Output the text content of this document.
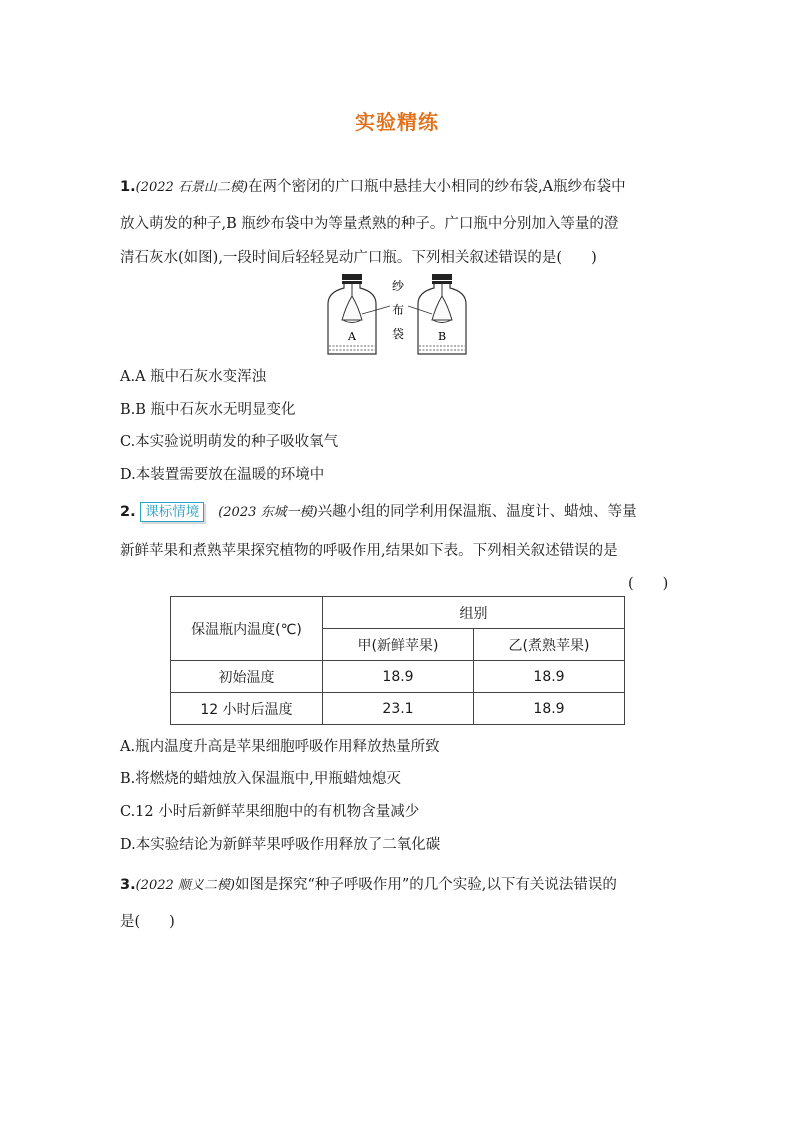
实验精练
1.(2022 石景山二模)在两个密闭的广口瓶中悬挂大小相同的纱布袋,A瓶纱布袋中
放入萌发的种子,B 瓶纱布袋中为等量煮熟的种子。广口瓶中分别加入等量的澄
清石灰水(如图),一段时间后轻轻晃动广口瓶。下列相关叙述错误的是(　　)
A	B
纱
布
袋
A.A 瓶中石灰水变浑浊
B.B 瓶中石灰水无明显变化
C.本实验说明萌发的种子吸收氧气
D.本装置需要放在温暖的环境中
2. 课标情境 (2023 东城一模)兴趣小组的同学利用保温瓶、温度计、蜡烛、等量
新鲜苹果和煮熟苹果探究植物的呼吸作用,结果如下表。下列相关叙述错误的是
(　　)
保温瓶内温度(℃)	组别	
	甲(新鲜苹果)	乙(煮熟苹果)
初始温度	18.9	18.9
12 小时后温度	23.1	18.9
A.瓶内温度升高是苹果细胞呼吸作用释放热量所致
B.将燃烧的蜡烛放入保温瓶中,甲瓶蜡烛熄灭
C.12 小时后新鲜苹果细胞中的有机物含量减少
D.本实验结论为新鲜苹果呼吸作用释放了二氧化碳
3.(2022 顺义二模)如图是探究“种子呼吸作用”的几个实验,以下有关说法错误的
是(　　)
